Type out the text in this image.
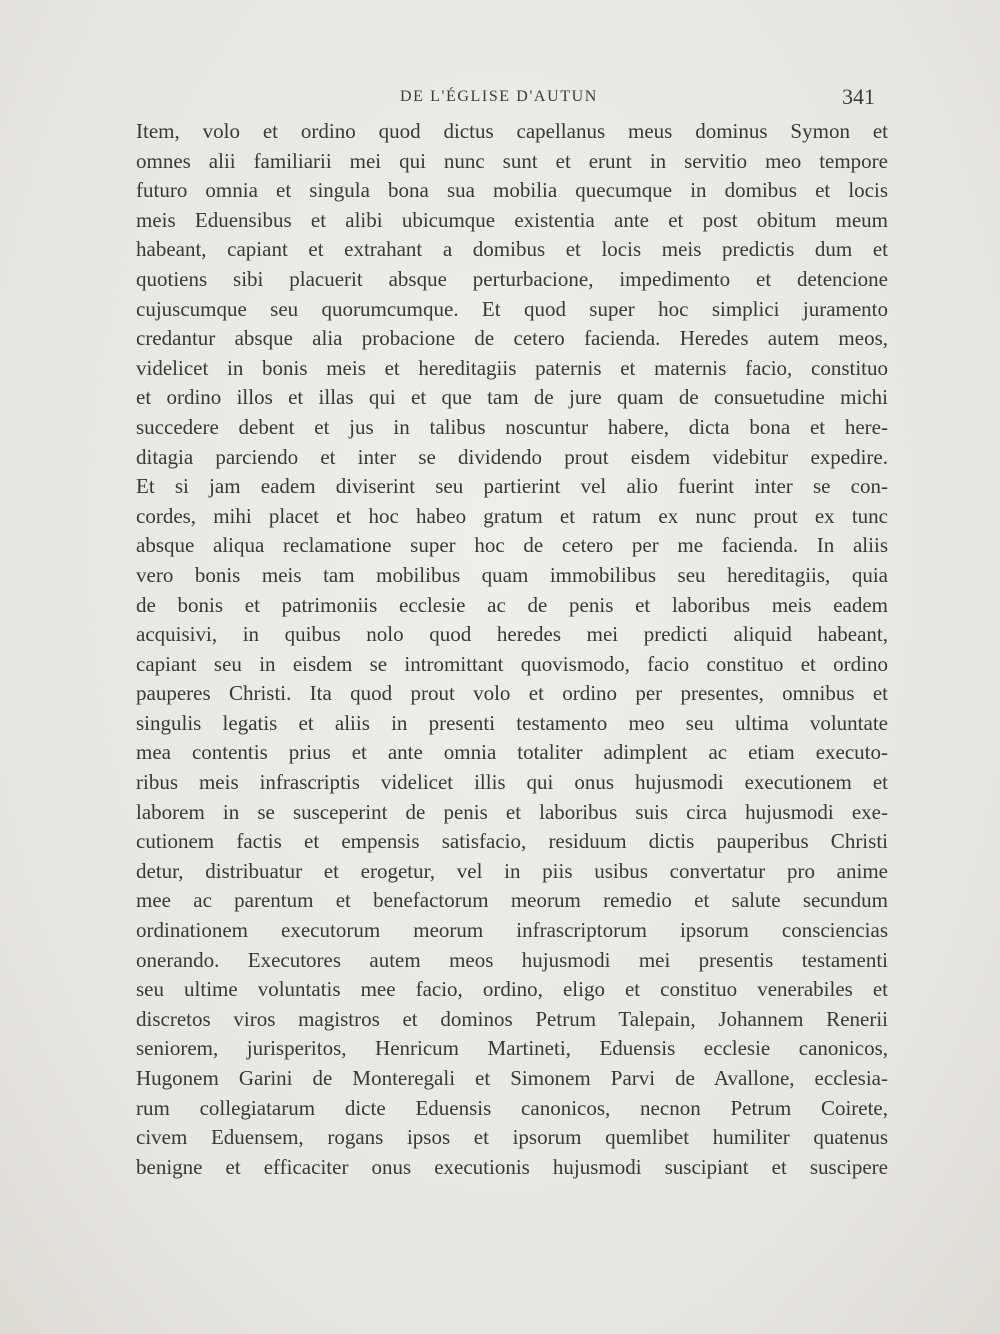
DE L'ÉGLISE D'AUTUN	341
Item, volo et ordino quod dictus capellanus meus dominus Symon et
omnes alii familiarii mei qui nunc sunt et erunt in servitio meo tempore
futuro omnia et singula bona sua mobilia quecumque in domibus et locis
meis Eduensibus et alibi ubicumque existentia ante et post obitum meum
habeant, capiant et extrahant a domibus et locis meis predictis dum et
quotiens sibi placuerit absque perturbacione, impedimento et detencione
cujuscumque seu quorumcumque. Et quod super hoc simplici juramento
credantur absque alia probacione de cetero facienda. Heredes autem meos,
videlicet in bonis meis et hereditagiis paternis et maternis facio, constituo
et ordino illos et illas qui et que tam de jure quam de consuetudine michi
succedere debent et jus in talibus noscuntur habere, dicta bona et here-
ditagia parciendo et inter se dividendo prout eisdem videbitur expedire.
Et si jam eadem diviserint seu partierint vel alio fuerint inter se con-
cordes, mihi placet et hoc habeo gratum et ratum ex nunc prout ex tunc
absque aliqua reclamatione super hoc de cetero per me facienda. In aliis
vero bonis meis tam mobilibus quam immobilibus seu hereditagiis, quia
de bonis et patrimoniis ecclesie ac de penis et laboribus meis eadem
acquisivi, in quibus nolo quod heredes mei predicti aliquid habeant,
capiant seu in eisdem se intromittant quovismodo, facio constituo et ordino
pauperes Christi. Ita quod prout volo et ordino per presentes, omnibus et
singulis legatis et aliis in presenti testamento meo seu ultima voluntate
mea contentis prius et ante omnia totaliter adimplent ac etiam executo-
ribus meis infrascriptis videlicet illis qui onus hujusmodi executionem et
laborem in se susceperint de penis et laboribus suis circa hujusmodi exe-
cutionem factis et empensis satisfacio, residuum dictis pauperibus Christi
detur, distribuatur et erogetur, vel in piis usibus convertatur pro anime
mee ac parentum et benefactorum meorum remedio et salute secundum
ordinationem executorum meorum infrascriptorum ipsorum consciencias
onerando. Executores autem meos hujusmodi mei presentis testamenti
seu ultime voluntatis mee facio, ordino, eligo et constituo venerabiles et
discretos viros magistros et dominos Petrum Talepain, Johannem Renerii
seniorem, jurisperitos, Henricum Martineti, Eduensis ecclesie canonicos,
Hugonem Garini de Monteregali et Simonem Parvi de Avallone, ecclesia-
rum collegiatarum dicte Eduensis canonicos, necnon Petrum Coirete,
civem Eduensem, rogans ipsos et ipsorum quemlibet humiliter quatenus
benigne et efficaciter onus executionis hujusmodi suscipiant et suscipere
